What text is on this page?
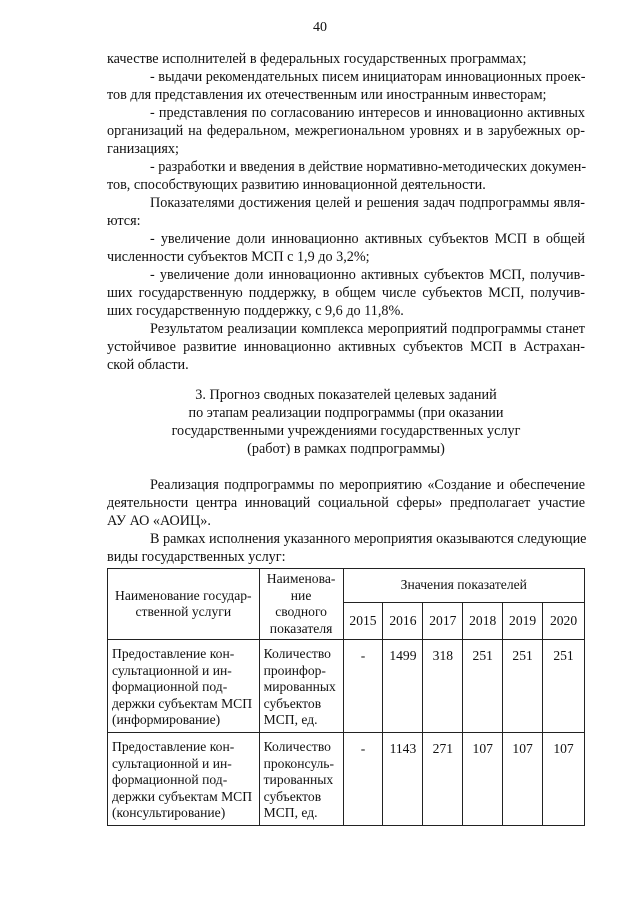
40
качестве исполнителей в федеральных государственных программах;
- выдачи рекомендательных писем инициаторам инновационных проек-
тов для представления их отечественным или иностранным инвесторам;
- представления по согласованию интересов и инновационно активных
организаций на федеральном, межрегиональном уровнях и в зарубежных ор-
ганизациях;
- разработки и введения в действие нормативно-методических докумен-
тов, способствующих развитию инновационной деятельности.
Показателями достижения целей и решения задач подпрограммы явля-
ются:
- увеличение доли инновационно активных субъектов МСП в общей
численности субъектов МСП с 1,9 до 3,2%;
- увеличение доли инновационно активных субъектов МСП, получив-
ших государственную поддержку, в общем числе субъектов МСП, получив-
ших государственную поддержку, с 9,6 до 11,8%.
Результатом реализации комплекса мероприятий подпрограммы станет
устойчивое развитие инновационно активных субъектов МСП в Астрахан-
ской области.
3. Прогноз сводных показателей целевых заданий
по этапам реализации подпрограммы (при оказании
государственными учреждениями государственных услуг
(работ) в рамках подпрограммы)
Реализация подпрограммы по мероприятию «Создание и обеспечение
деятельности центра инноваций социальной сферы» предполагает участие
АУ АО «АОИЦ».
В рамках исполнения указанного мероприятия оказываются следующие
виды государственных услуг:
Наименование государ-ственной услуги	Наименова-ние сводного показателя	Значения показателей					
		2015	2016	2017	2018	2019	2020
Предоставление кон-сультационной и ин-формационной под-держки субъектам МСП (информирование)	Количество проинфор-мированных субъектов МСП, ед.	-	1499	318	251	251	251
Предоставление кон-сультационной и ин-формационной под-держки субъектам МСП (консультирование)	Количество проконсуль-тированных субъектов МСП, ед.	-	1143	271	107	107	107
